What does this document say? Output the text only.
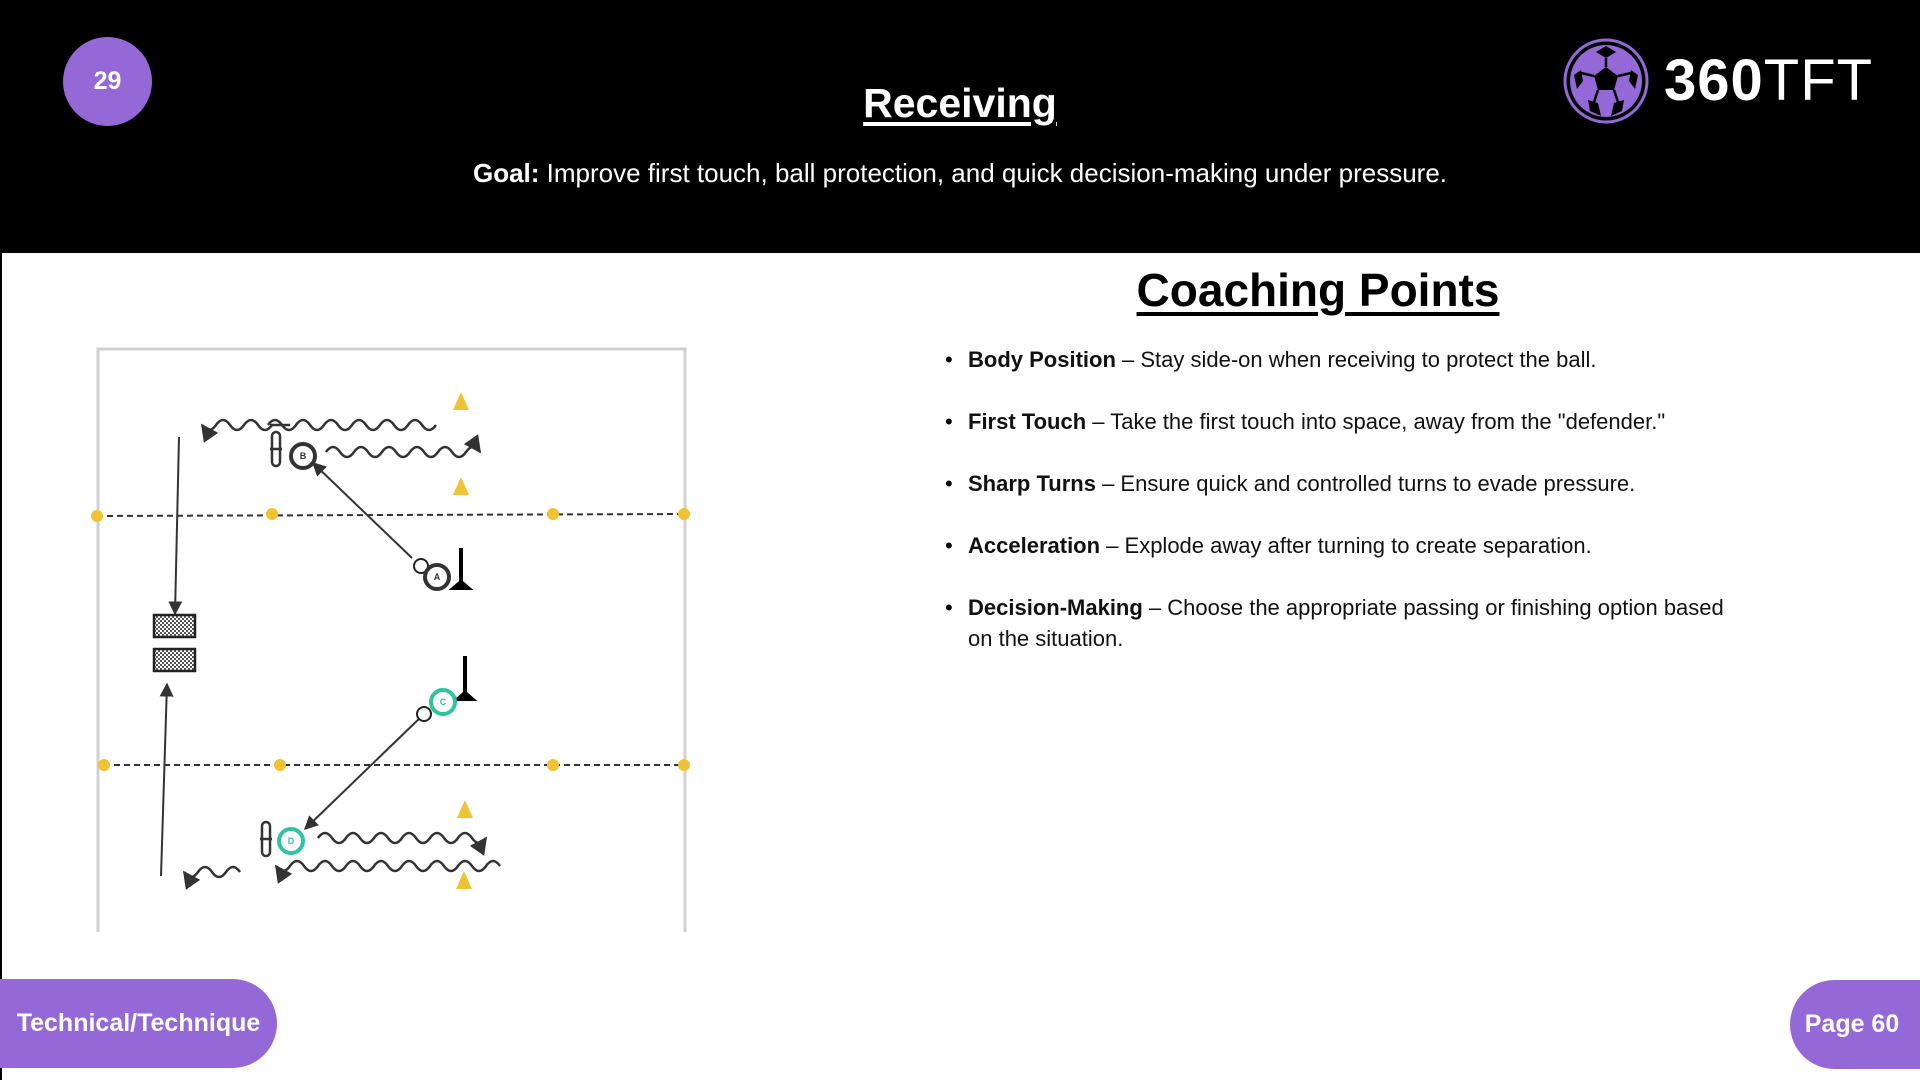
29	Receiving
Goal: Improve first touch, ball protection, and quick decision-making under pressure.
360TFT
B
A
C
D
Coaching Points
• Body Position – Stay side-on when receiving to protect the ball.
• First Touch – Take the first touch into space, away from the "defender."
• Sharp Turns – Ensure quick and controlled turns to evade pressure.
• Acceleration – Explode away after turning to create separation.
• Decision-Making – Choose the appropriate passing or finishing option based on the situation.
Technical/Technique	Page 60
